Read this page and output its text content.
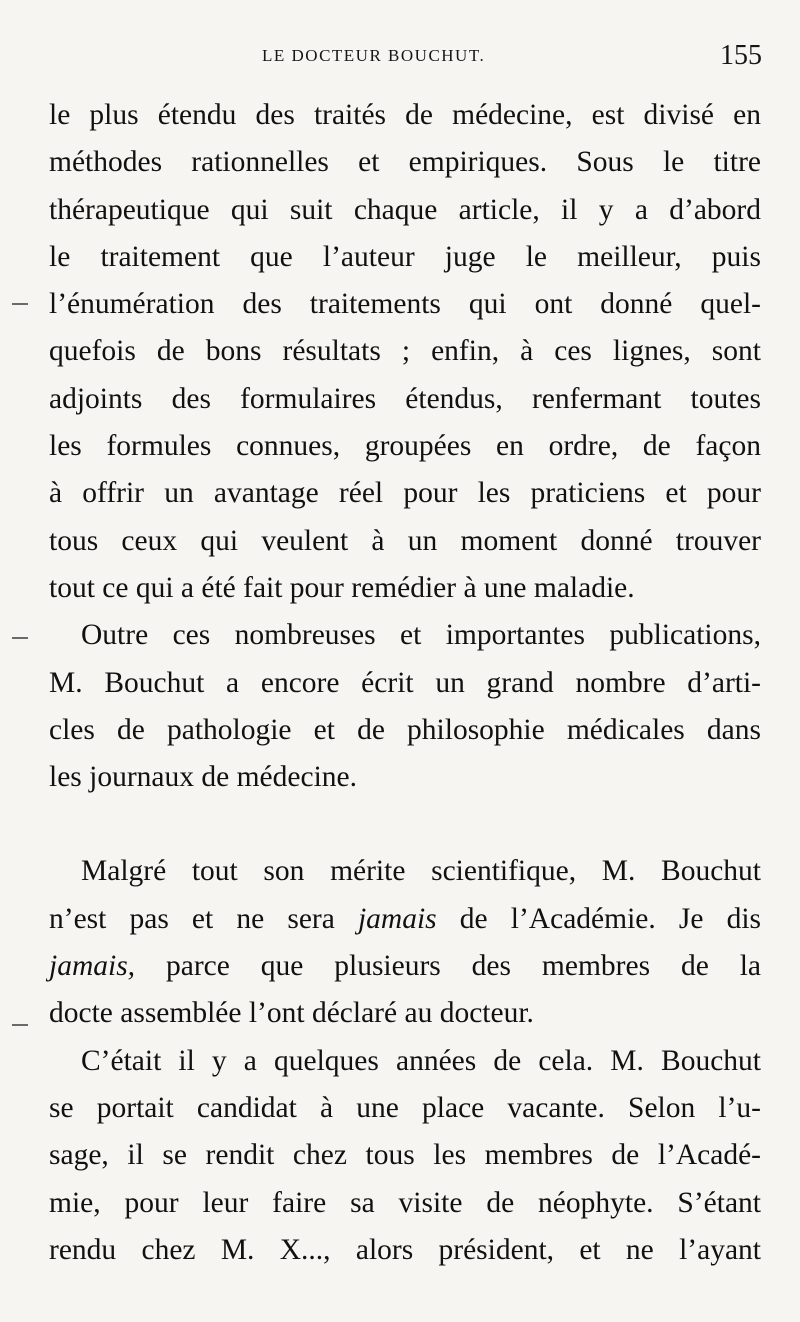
LE DOCTEUR BOUCHUT.	155
le plus étendu des traités de médecine, est divisé en
méthodes rationnelles et empiriques. Sous le titre
thérapeutique qui suit chaque article, il y a d’abord
le traitement que l’auteur juge le meilleur, puis
l’énumération des traitements qui ont donné quel-
quefois de bons résultats ; enfin, à ces lignes, sont
adjoints des formulaires étendus, renfermant toutes
les formules connues, groupées en ordre, de façon
à offrir un avantage réel pour les praticiens et pour
tous ceux qui veulent à un moment donné trouver
tout ce qui a été fait pour remédier à une maladie.
Outre ces nombreuses et importantes publications,
M. Bouchut a encore écrit un grand nombre d’arti-
cles de pathologie et de philosophie médicales dans
les journaux de médecine.
Malgré tout son mérite scientifique, M. Bouchut
n’est pas et ne sera jamais de l’Académie. Je dis
jamais, parce que plusieurs des membres de la
docte assemblée l’ont déclaré au docteur.
C’était il y a quelques années de cela. M. Bouchut
se portait candidat à une place vacante. Selon l’u-
sage, il se rendit chez tous les membres de l’Acadé-
mie, pour leur faire sa visite de néophyte. S’étant
rendu chez M. X..., alors président, et ne l’ayant
